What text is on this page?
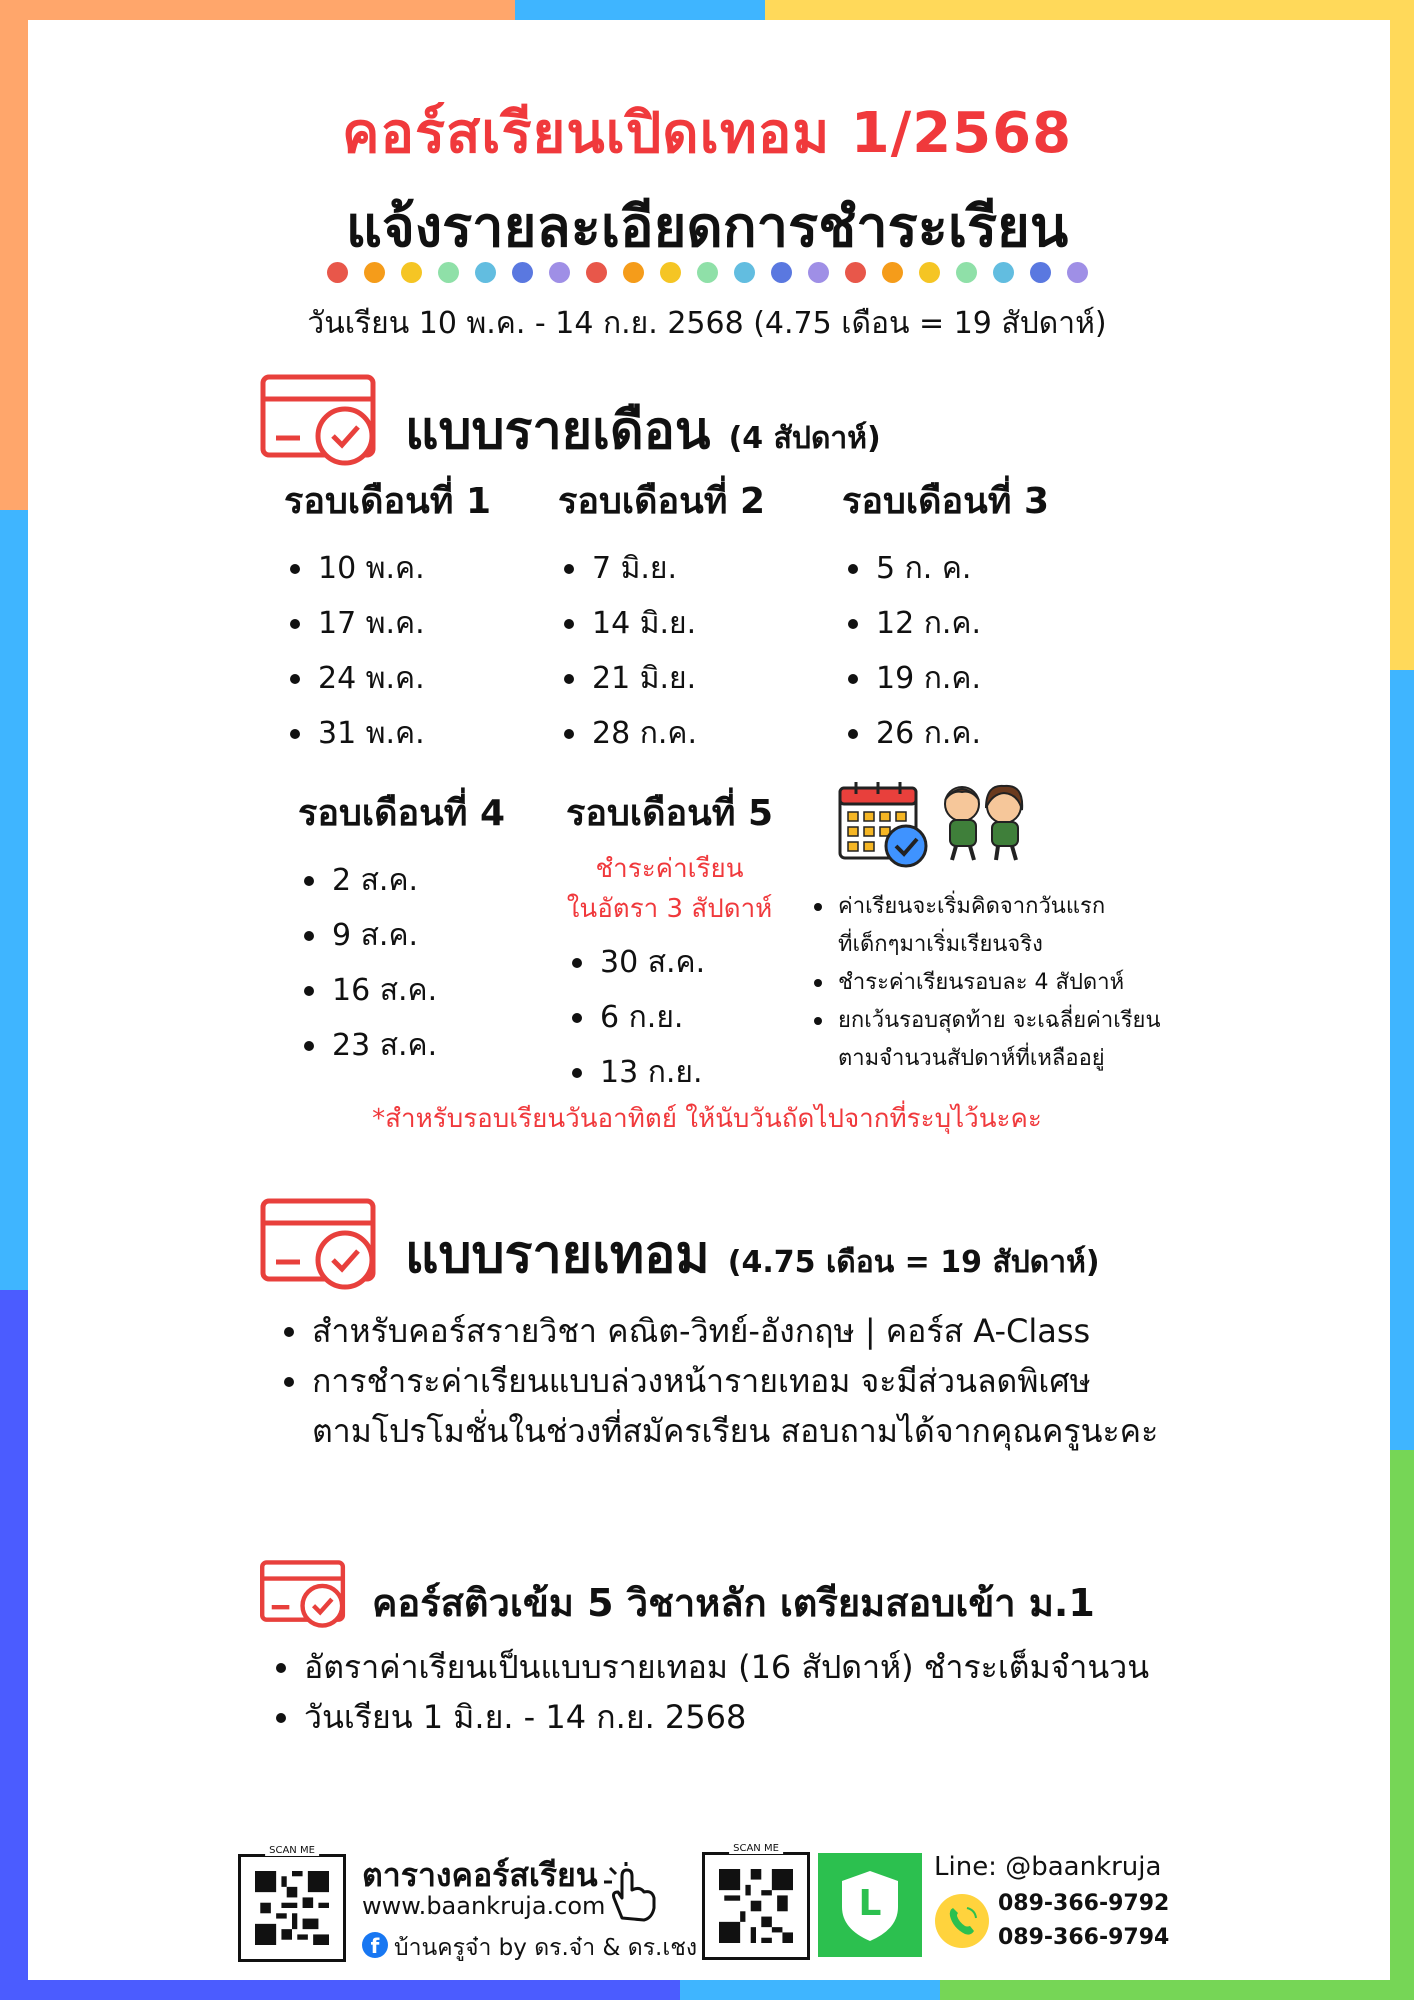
คอร์สเรียนเปิดเทอม 1/2568
แจ้งรายละเอียดการชำระเรียน
วันเรียน 10 พ.ค. - 14 ก.ย. 2568 (4.75 เดือน = 19 สัปดาห์)
แบบรายเดือน (4 สัปดาห์)
รอบเดือนที่ 1
10 พ.ค.
17 พ.ค.
24 พ.ค.
31 พ.ค.
รอบเดือนที่ 2
7 มิ.ย.
14 มิ.ย.
21 มิ.ย.
28 ก.ค.
รอบเดือนที่ 3
5 ก. ค.
12 ก.ค.
19 ก.ค.
26 ก.ค.
รอบเดือนที่ 4
2 ส.ค.
9 ส.ค.
16 ส.ค.
23 ส.ค.
รอบเดือนที่ 5
ชำระค่าเรียน
ในอัตรา 3 สัปดาห์
30 ส.ค.
6 ก.ย.
13 ก.ย.
ค่าเรียนจะเริ่มคิดจากวันแรก
ที่เด็กๆมาเริ่มเรียนจริง
ชำระค่าเรียนรอบละ 4 สัปดาห์
ยกเว้นรอบสุดท้าย จะเฉลี่ยค่าเรียน
ตามจำนวนสัปดาห์ที่เหลืออยู่
*สำหรับรอบเรียนวันอาทิตย์ ให้นับวันถัดไปจากที่ระบุไว้นะคะ
แบบรายเทอม (4.75 เดือน = 19 สัปดาห์)
สำหรับคอร์สรายวิชา คณิต-วิทย์-อังกฤษ | คอร์ส A-Class
การชำระค่าเรียนแบบล่วงหน้ารายเทอม จะมีส่วนลดพิเศษ
ตามโปรโมชั่นในช่วงที่สมัครเรียน สอบถามได้จากคุณครูนะคะ
คอร์สติวเข้ม 5 วิชาหลัก เตรียมสอบเข้า ม.1
อัตราค่าเรียนเป็นแบบรายเทอม (16 สัปดาห์) ชำระเต็มจำนวน
วันเรียน 1 มิ.ย. - 14 ก.ย. 2568
SCAN ME
ตารางคอร์สเรียน
www.baankruja.com
f บ้านครูจ๋า by ดร.จ๋า & ดร.เชง
SCAN ME
L
Line: @baankruja
089-366-9792
089-366-9794
